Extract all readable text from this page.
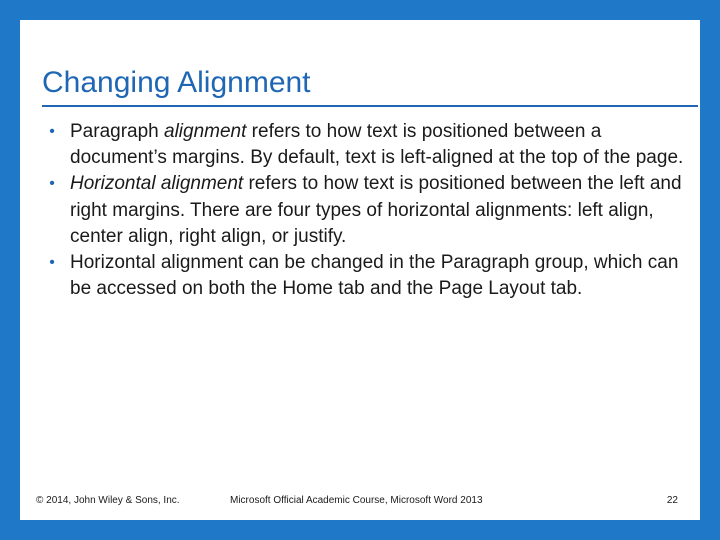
Changing Alignment
• Paragraph alignment refers to how text is positioned between a document’s margins. By default, text is left-aligned at the top of the page.
• Horizontal alignment refers to how text is positioned between the left and right margins. There are four types of horizontal alignments: left align, center align, right align, or justify.
• Horizontal alignment can be changed in the Paragraph group, which can be accessed on both the Home tab and the Page Layout tab.
© 2014, John Wiley & Sons, Inc.	Microsoft Official Academic Course, Microsoft Word 2013	22
